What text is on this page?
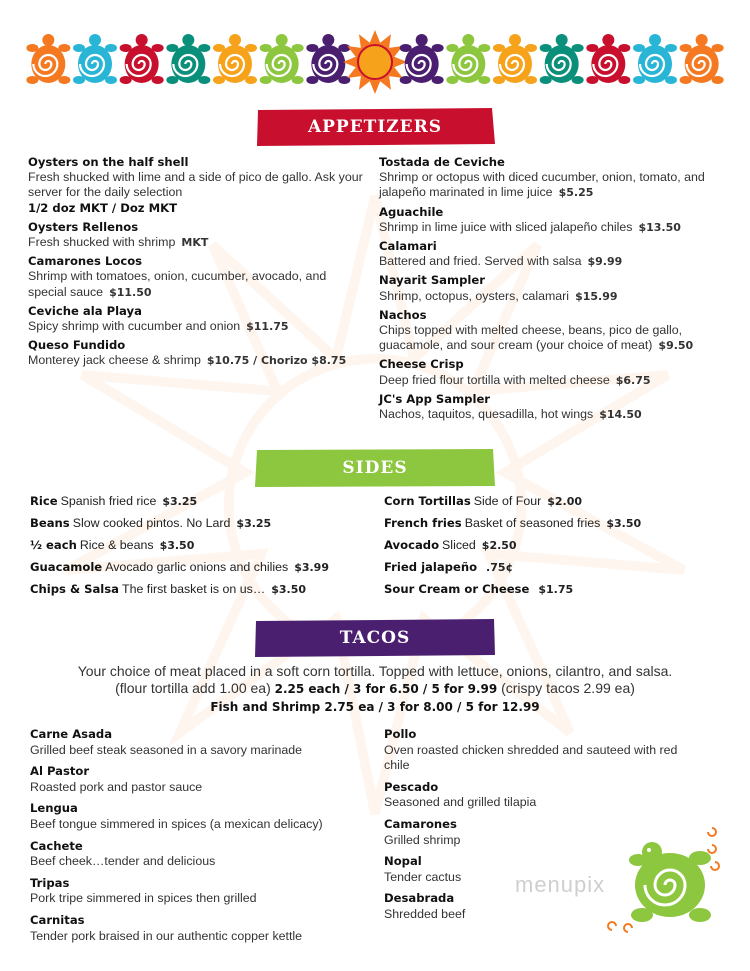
APPETIZERS
Oysters on the half shell
Fresh shucked with lime and a side of pico de gallo. Ask your server for the daily selection
1/2 doz MKT / Doz MKT
Oysters Rellenos
Fresh shucked with shrimp MKT
Camarones Locos
Shrimp with tomatoes, onion, cucumber, avocado, and special sauce $11.50
Ceviche ala Playa
Spicy shrimp with cucumber and onion $11.75
Queso Fundido
Monterey jack cheese & shrimp $10.75 / Chorizo $8.75
Tostada de Ceviche
Shrimp or octopus with diced cucumber, onion, tomato, and jalapeño marinated in lime juice $5.25
Aguachile
Shrimp in lime juice with sliced jalapeño chiles $13.50
Calamari
Battered and fried. Served with salsa $9.99
Nayarit Sampler
Shrimp, octopus, oysters, calamari $15.99
Nachos
Chips topped with melted cheese, beans, pico de gallo, guacamole, and sour cream (your choice of meat) $9.50
Cheese Crisp
Deep fried flour tortilla with melted cheese $6.75
JC's App Sampler
Nachos, taquitos, quesadilla, hot wings $14.50
SIDES
Rice Spanish fried rice $3.25
Beans Slow cooked pintos. No Lard $3.25
½ each Rice & beans $3.50
Guacamole Avocado garlic onions and chilies $3.99
Chips & Salsa The first basket is on us… $3.50
Corn Tortillas Side of Four $2.00
French fries Basket of seasoned fries $3.50
Avocado Sliced $2.50
Fried jalapeño .75¢
Sour Cream or Cheese $1.75
TACOS
Your choice of meat placed in a soft corn tortilla. Topped with lettuce, onions, cilantro, and salsa.
(flour tortilla add 1.00 ea) 2.25 each / 3 for 6.50 / 5 for 9.99 (crispy tacos 2.99 ea)
Fish and Shrimp 2.75 ea / 3 for 8.00 / 5 for 12.99
Carne Asada
Grilled beef steak seasoned in a savory marinade
Al Pastor
Roasted pork and pastor sauce
Lengua
Beef tongue simmered in spices (a mexican delicacy)
Cachete
Beef cheek…tender and delicious
Tripas
Pork tripe simmered in spices then grilled
Carnitas
Tender pork braised in our authentic copper kettle
Pollo
Oven roasted chicken shredded and sauteed with red chile
Pescado
Seasoned and grilled tilapia
Camarones
Grilled shrimp
Nopal
Tender cactus
Desabrada
Shredded beef
menupix
